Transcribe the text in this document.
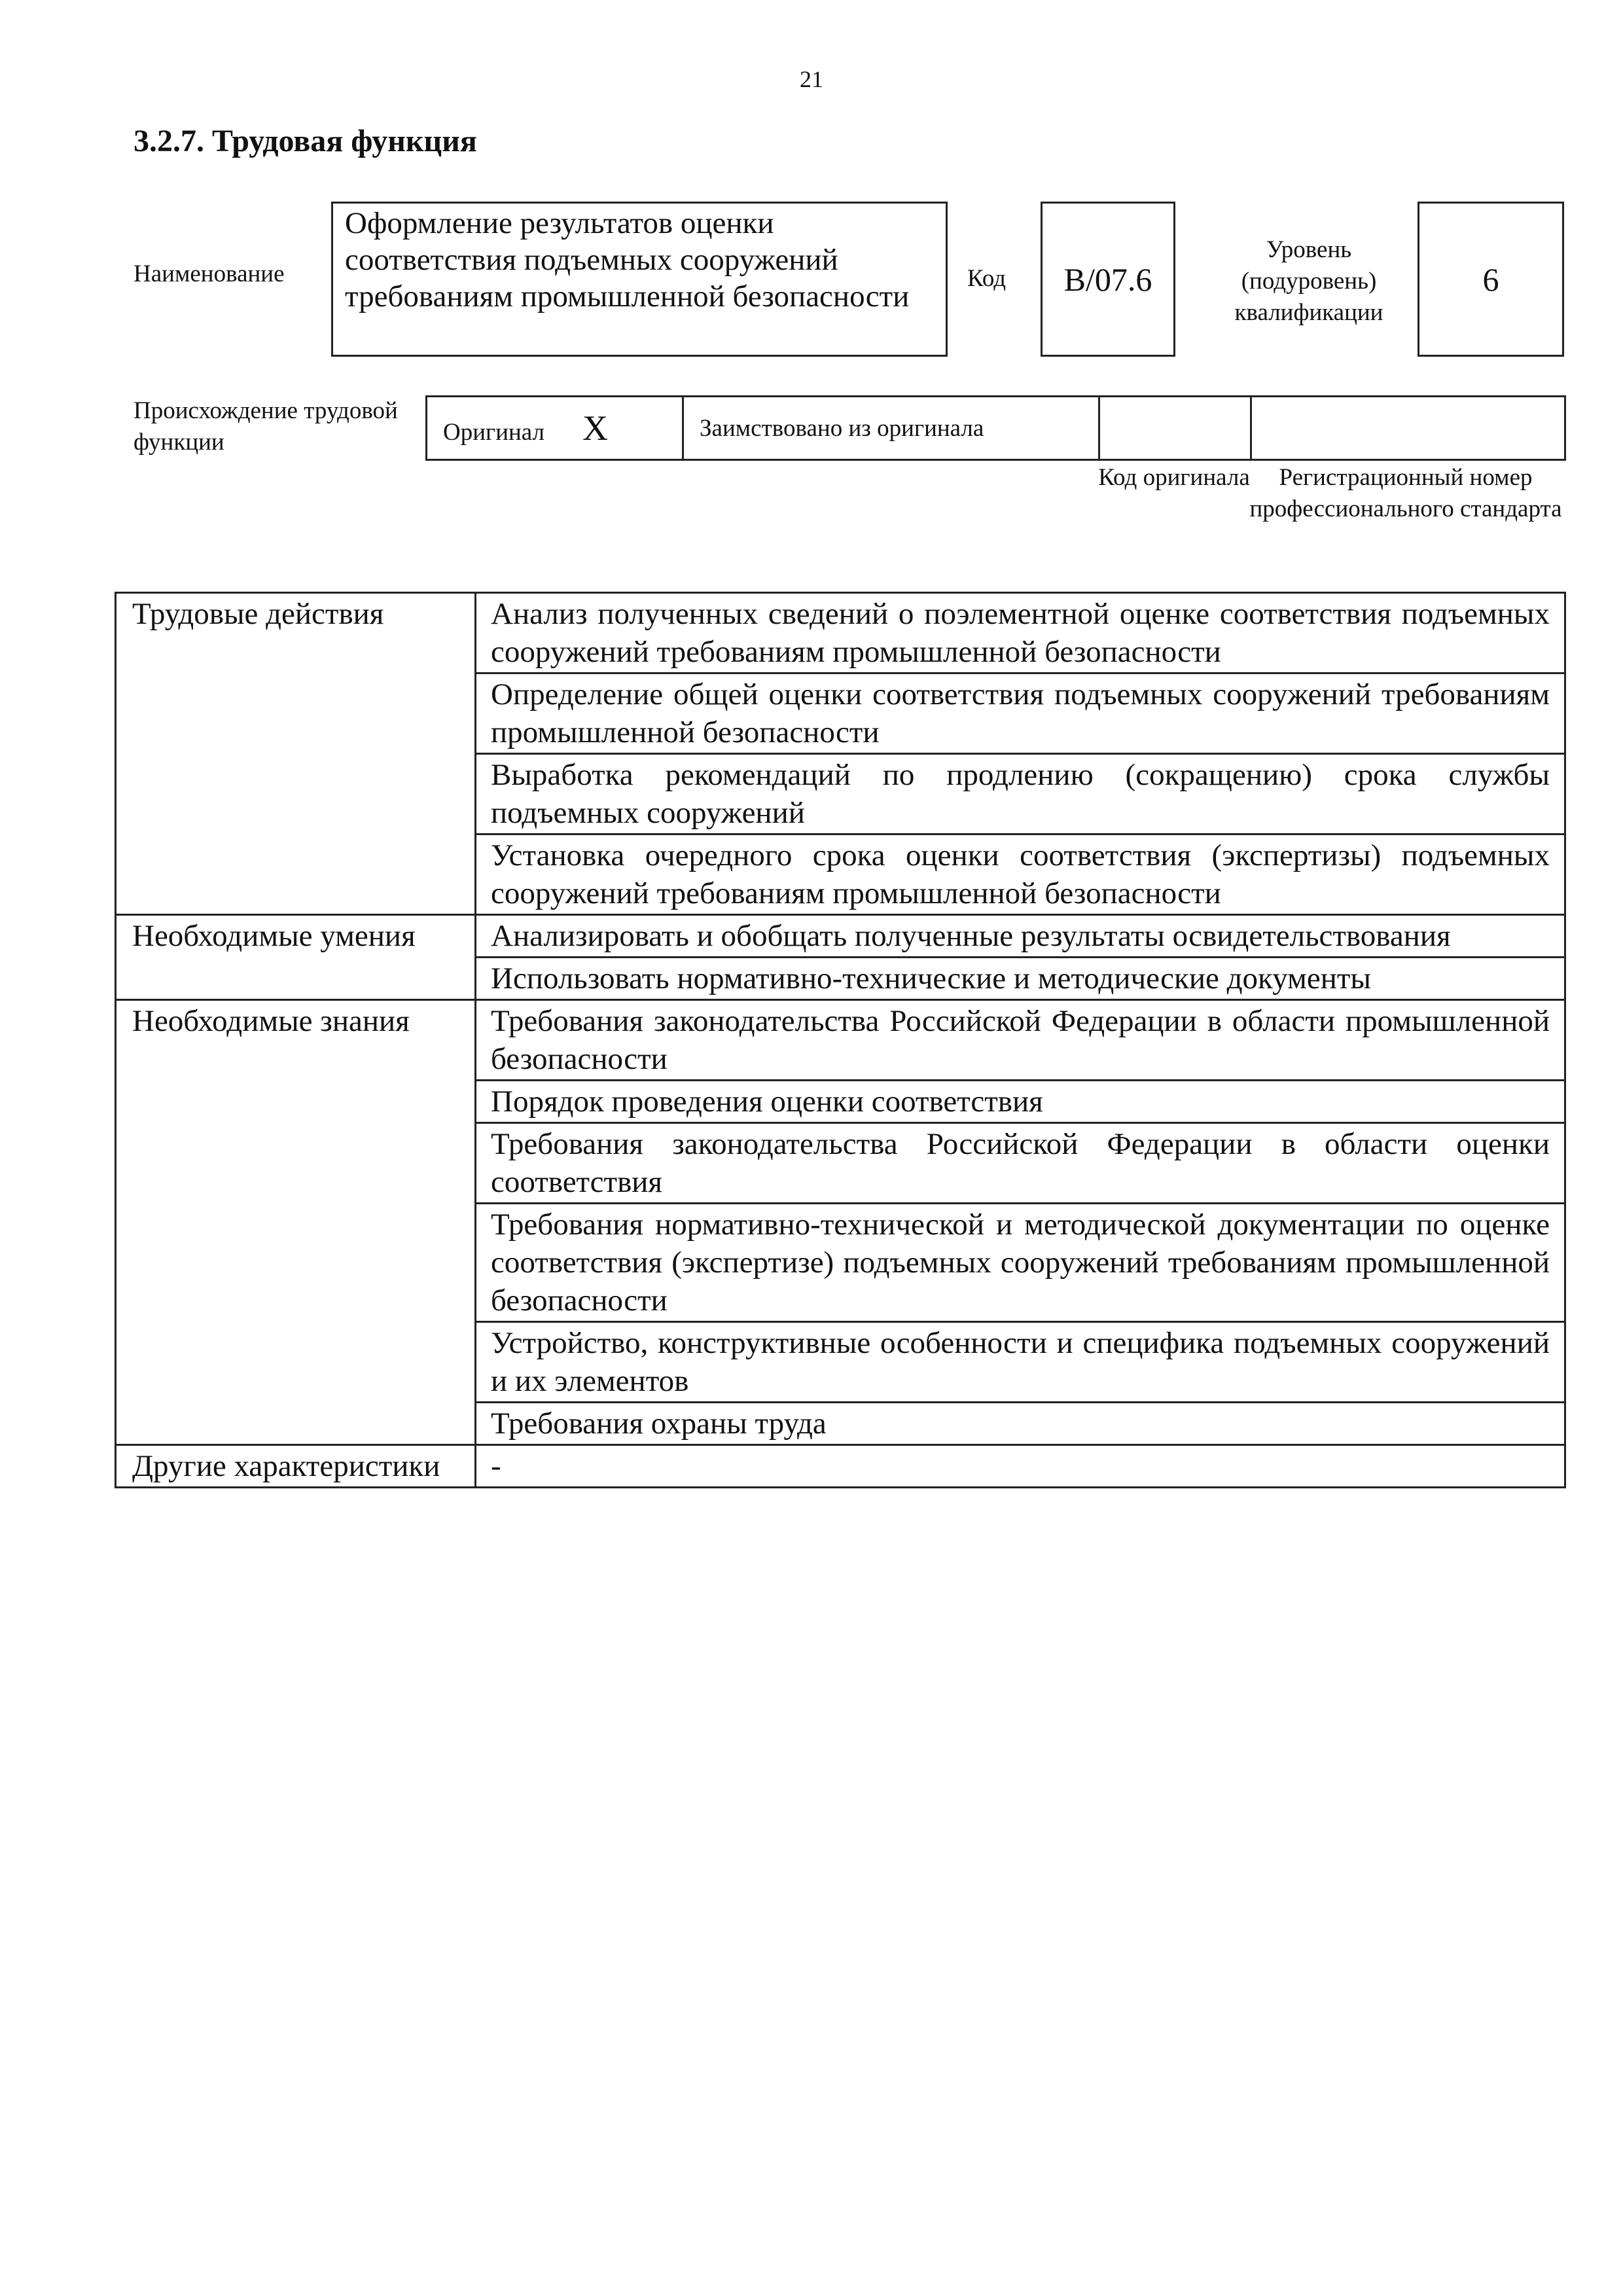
21
3.2.7. Трудовая функция
Наименование
Оформление результатов оценки соответствия подъемных сооружений требованиям промышленной безопасности
Код	B/07.6
Уровень (подуровень) квалификации
6
Происхождение трудовой функции	Оригинал X	Заимствовано из оригинала		
Код оригинала	Регистрационный номер профессионального стандарта
Трудовые действия	Анализ полученных сведений о поэлементной оценке соответствия подъемных сооружений требованиям промышленной безопасности
	Определение общей оценки соответствия подъемных сооружений требованиям промышленной безопасности
	Выработка рекомендаций по продлению (сокращению) срока службы подъемных сооружений
	Установка очередного срока оценки соответствия (экспертизы) подъемных сооружений требованиям промышленной безопасности
Необходимые умения	Анализировать и обобщать полученные результаты освидетельствования
	Использовать нормативно-технические и методические документы
Необходимые знания	Требования законодательства Российской Федерации в области промышленной безопасности
	Порядок проведения оценки соответствия
	Требования законодательства Российской Федерации в области оценки соответствия
	Требования нормативно-технической и методической документации по оценке соответствия (экспертизе) подъемных сооружений требованиям промышленной безопасности
	Устройство, конструктивные особенности и специфика подъемных сооружений и их элементов
	Требования охраны труда
Другие характеристики	-
